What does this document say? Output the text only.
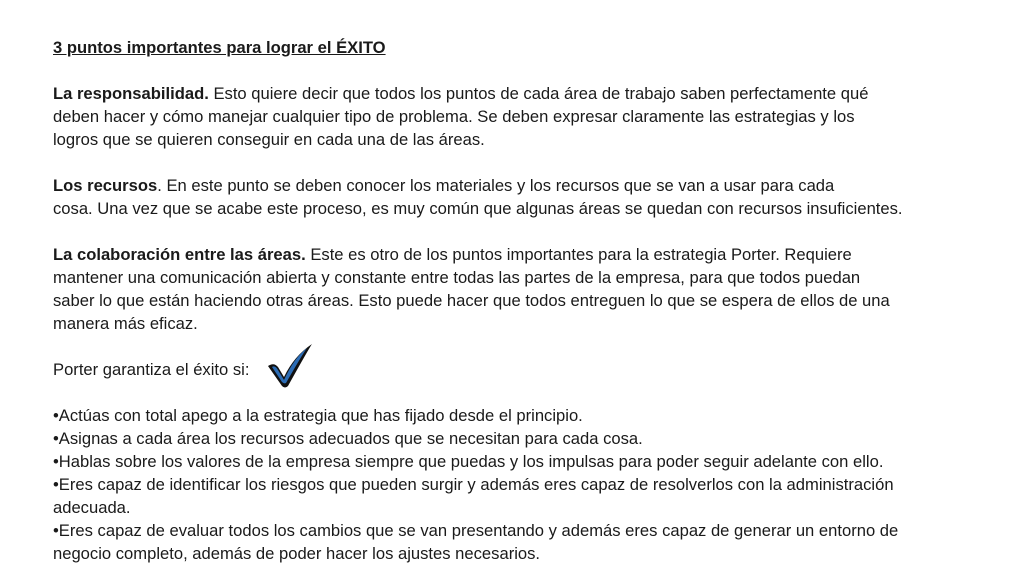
3 puntos importantes para lograr el ÉXITO
La responsabilidad. Esto quiere decir que todos los puntos de cada área de trabajo saben perfectamente qué
deben hacer y cómo manejar cualquier tipo de problema. Se deben expresar claramente las estrategias y los
logros que se quieren conseguir en cada una de las áreas.
Los recursos. En este punto se deben conocer los materiales y los recursos que se van a usar para cada
cosa. Una vez que se acabe este proceso, es muy común que algunas áreas se quedan con recursos insuficientes.
La colaboración entre las áreas. Este es otro de los puntos importantes para la estrategia Porter. Requiere
mantener una comunicación abierta y constante entre todas las partes de la empresa, para que todos puedan
saber lo que están haciendo otras áreas. Esto puede hacer que todos entreguen lo que se espera de ellos de una
manera más eficaz.
Porter garantiza el éxito si:
•Actúas con total apego a la estrategia que has fijado desde el principio.
•Asignas a cada área los recursos adecuados que se necesitan para cada cosa.
•Hablas sobre los valores de la empresa siempre que puedas y los impulsas para poder seguir adelante con ello.
•Eres capaz de identificar los riesgos que pueden surgir y además eres capaz de resolverlos con la administración
adecuada.
•Eres capaz de evaluar todos los cambios que se van presentando y además eres capaz de generar un entorno de
negocio completo, además de poder hacer los ajustes necesarios.
